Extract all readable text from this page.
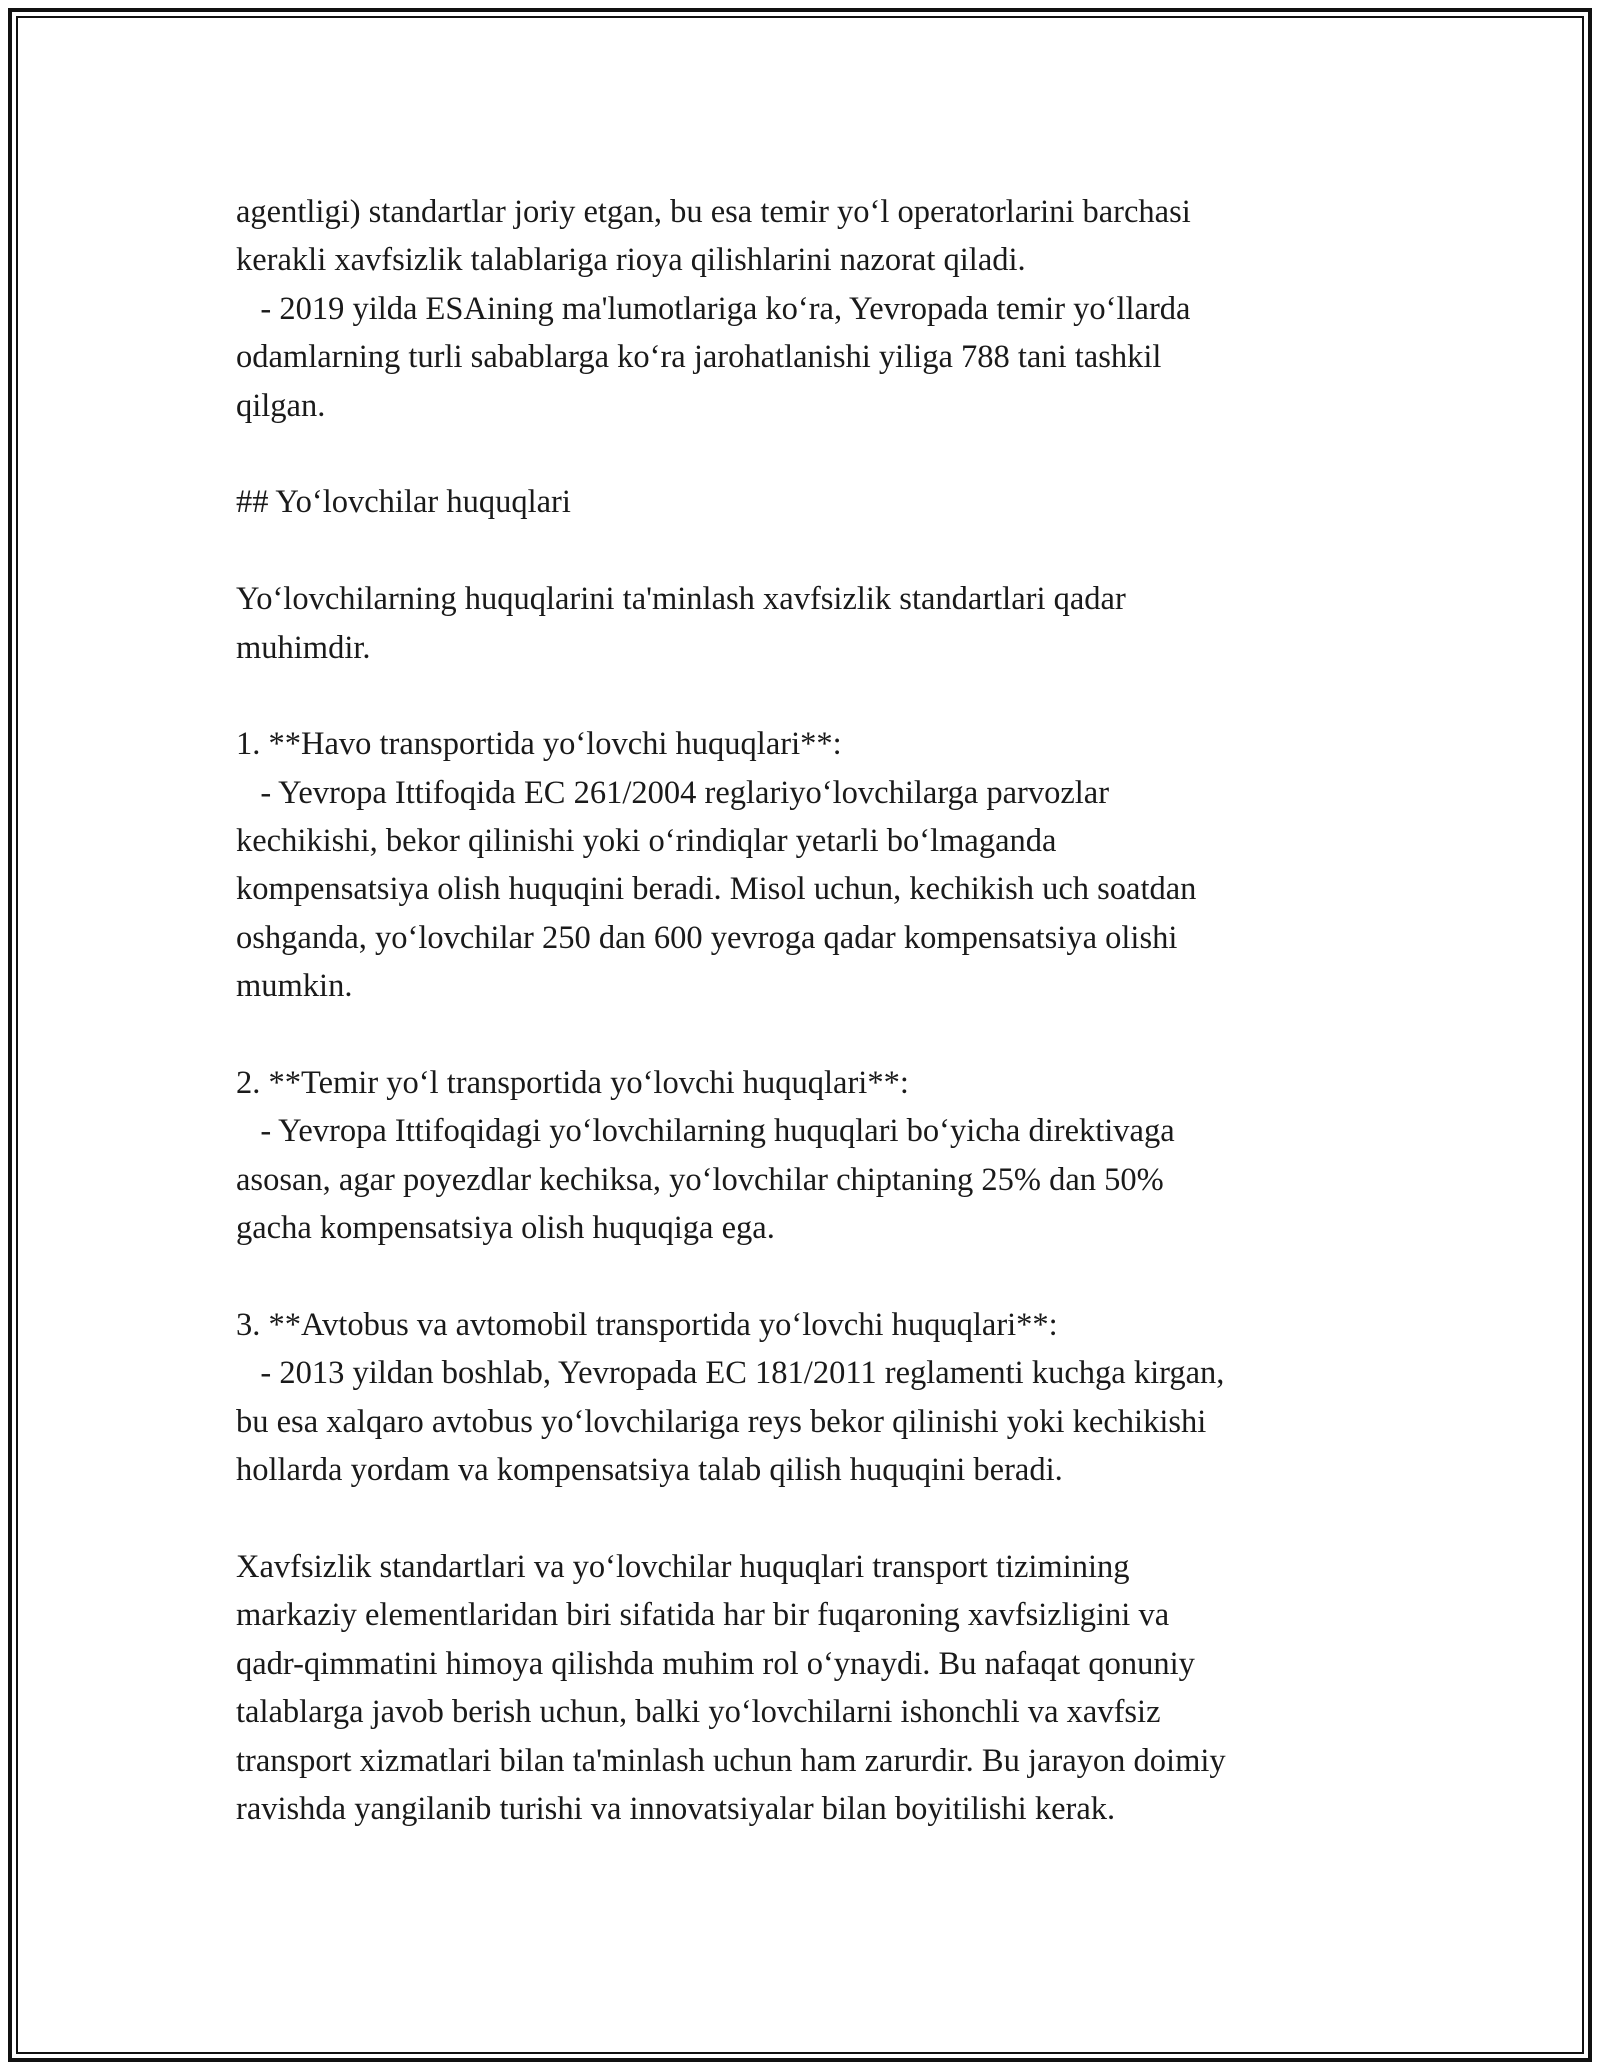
agentligi) standartlar joriy etgan, bu esa temir yo‘l operatorlarini barchasi
kerakli xavfsizlik talablariga rioya qilishlarini nazorat qiladi.
- 2019 yilda ESAining ma'lumotlariga ko‘ra, Yevropada temir yo‘llarda
odamlarning turli sabablarga ko‘ra jarohatlanishi yiliga 788 tani tashkil
qilgan.
## Yo‘lovchilar huquqlari
Yo‘lovchilarning huquqlarini ta'minlash xavfsizlik standartlari qadar
muhimdir.
1. **Havo transportida yo‘lovchi huquqlari**:
- Yevropa Ittifoqida EC 261/2004 reglariyo‘lovchilarga parvozlar
kechikishi, bekor qilinishi yoki o‘rindiqlar yetarli bo‘lmaganda
kompensatsiya olish huquqini beradi. Misol uchun, kechikish uch soatdan
oshganda, yo‘lovchilar 250 dan 600 yevroga qadar kompensatsiya olishi
mumkin.
2. **Temir yo‘l transportida yo‘lovchi huquqlari**:
- Yevropa Ittifoqidagi yo‘lovchilarning huquqlari bo‘yicha direktivaga
asosan, agar poyezdlar kechiksa, yo‘lovchilar chiptaning 25% dan 50%
gacha kompensatsiya olish huquqiga ega.
3. **Avtobus va avtomobil transportida yo‘lovchi huquqlari**:
- 2013 yildan boshlab, Yevropada EC 181/2011 reglamenti kuchga kirgan,
bu esa xalqaro avtobus yo‘lovchilariga reys bekor qilinishi yoki kechikishi
hollarda yordam va kompensatsiya talab qilish huquqini beradi.
Xavfsizlik standartlari va yo‘lovchilar huquqlari transport tizimining
markaziy elementlaridan biri sifatida har bir fuqaroning xavfsizligini va
qadr-qimmatini himoya qilishda muhim rol o‘ynaydi. Bu nafaqat qonuniy
talablarga javob berish uchun, balki yo‘lovchilarni ishonchli va xavfsiz
transport xizmatlari bilan ta'minlash uchun ham zarurdir. Bu jarayon doimiy
ravishda yangilanib turishi va innovatsiyalar bilan boyitilishi kerak.
